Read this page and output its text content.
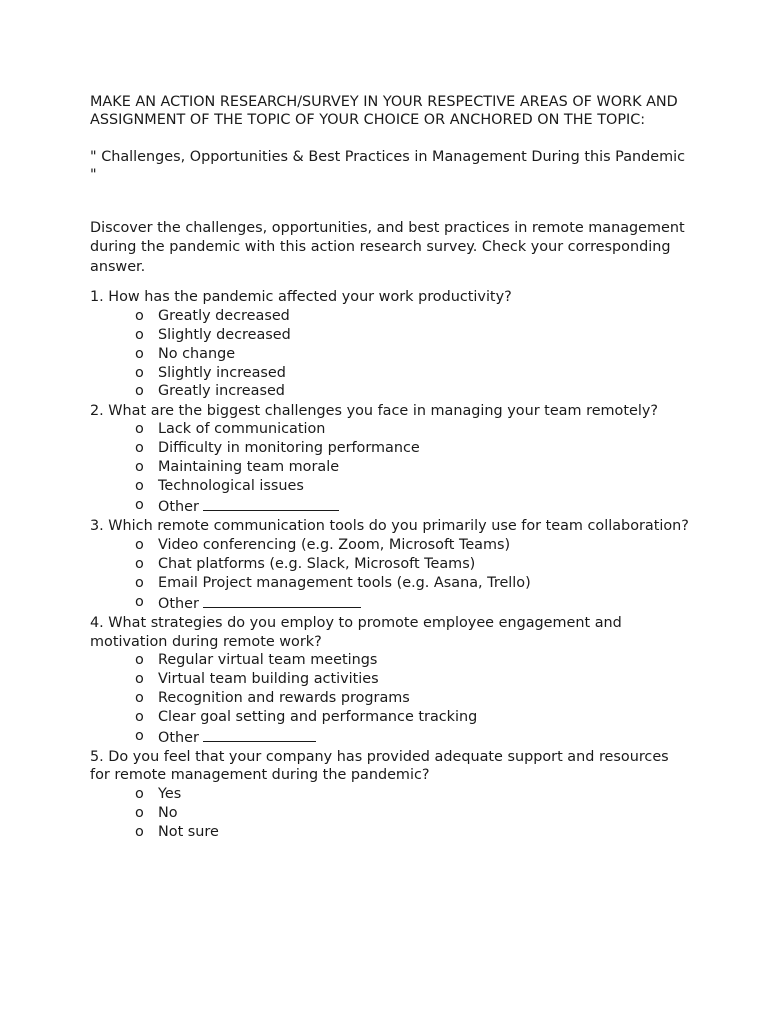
MAKE AN ACTION RESEARCH/SURVEY IN YOUR RESPECTIVE AREAS OF WORK AND ASSIGNMENT OF THE TOPIC OF YOUR CHOICE OR ANCHORED ON THE TOPIC:

" Challenges, Opportunities & Best Practices in Management During this Pandemic "

Discover the challenges, opportunities, and best practices in remote management during the pandemic with this action research survey. Check your corresponding answer.

1. How has the pandemic affected your work productivity?

o Greatly decreased
o Slightly decreased
o No change
o Slightly increased
o Greatly increased

2. What are the biggest challenges you face in managing your team remotely?

o Lack of communication
o Difficulty in monitoring performance
o Maintaining team morale
o Technological issues
o Other

3. Which remote communication tools do you primarily use for team collaboration?

o Video conferencing (e.g. Zoom, Microsoft Teams)
o Chat platforms (e.g. Slack, Microsoft Teams)
o Email Project management tools (e.g. Asana, Trello)
o Other

4. What strategies do you employ to promote employee engagement and motivation during remote work?

o Regular virtual team meetings
o Virtual team building activities
o Recognition and rewards programs
o Clear goal setting and performance tracking
o Other

5. Do you feel that your company has provided adequate support and resources for remote management during the pandemic?

o Yes
o No
o Not sure
